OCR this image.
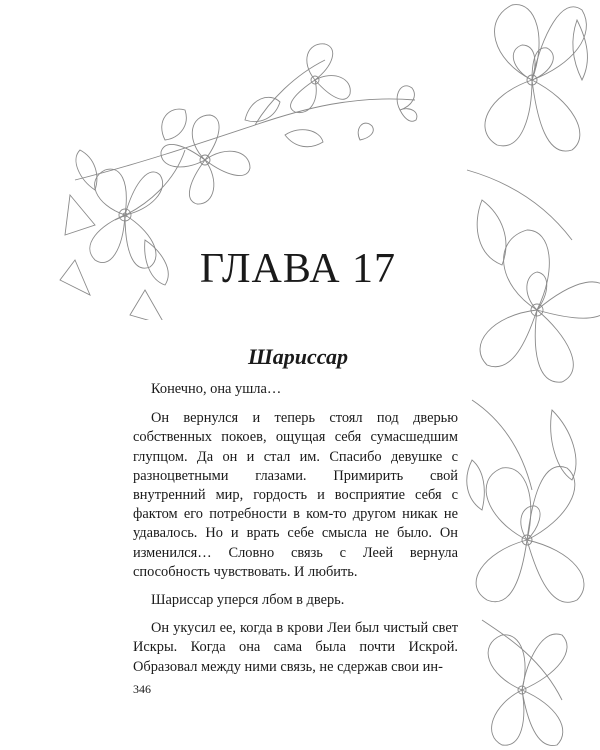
ГЛАВА 17
Шариссар

Конечно, она ушла…

Он вернулся и теперь стоял под дверью собственных покоев, ощущая себя сумасшедшим глупцом. Да он и стал им. Спасибо девушке с разноцветными глазами. Примирить свой внутренний мир, гордость и восприятие себя с фактом его потребности в ком-то другом никак не удавалось. Но и врать себе смысла не было. Он изменился… Словно связь с Леей вернула способность чувствовать. И любить.

Шариссар уперся лбом в дверь.

Он укусил ее, когда в крови Леи был чистый свет Искры. Когда она сама была почти Искрой. Образовал между ними связь, не сдержав свои ин-

346
